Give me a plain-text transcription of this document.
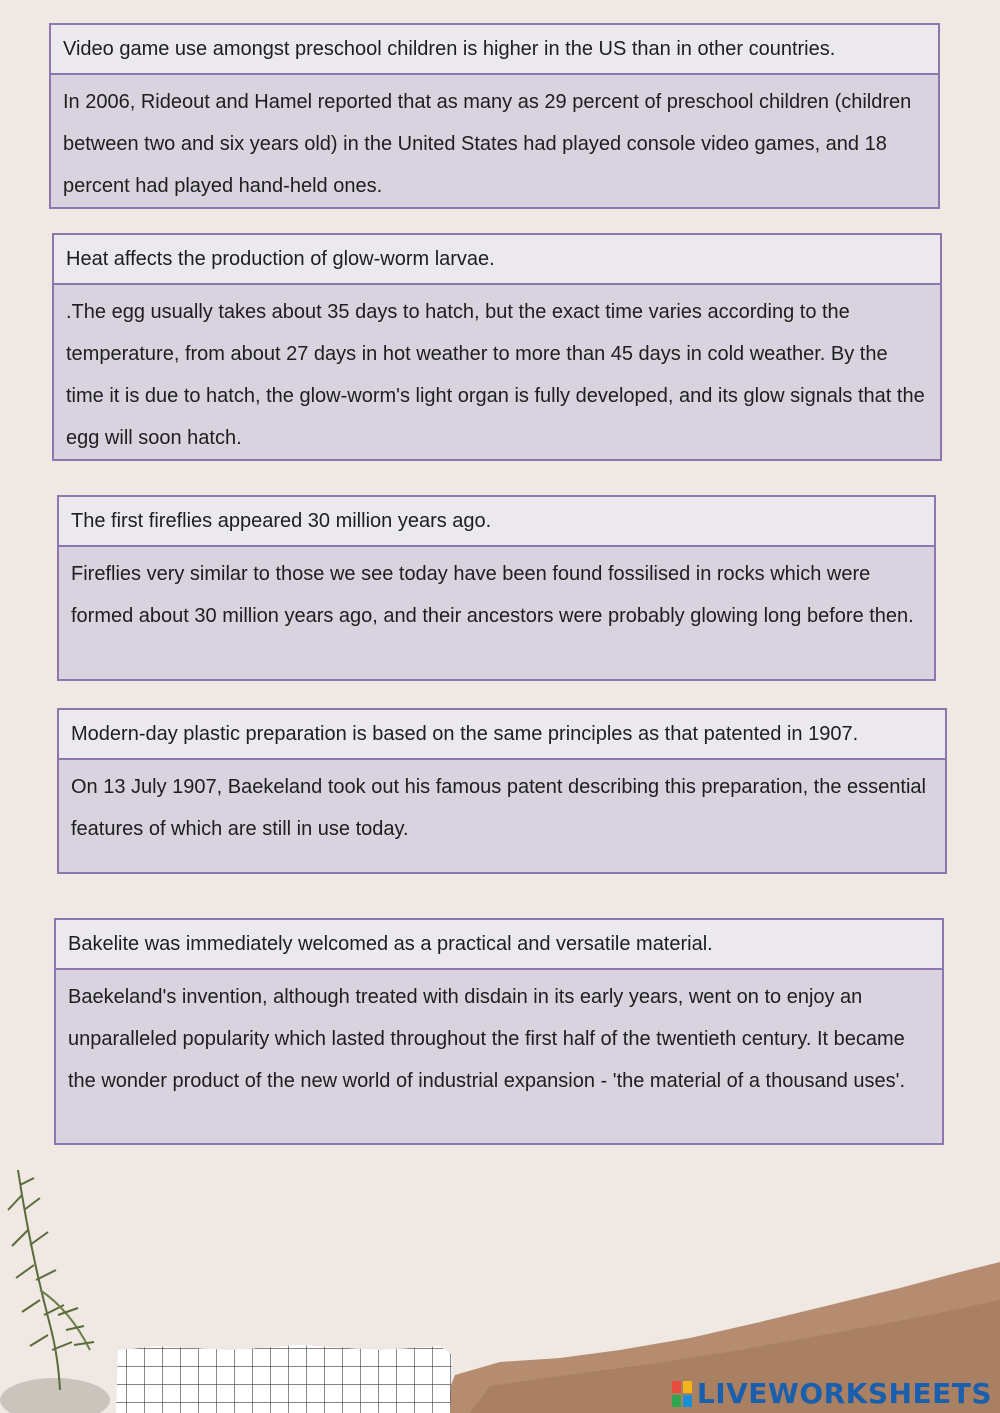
Video game use amongst preschool children is higher in the US than in other countries.
In 2006, Rideout and Hamel reported that as many as 29 percent of preschool children (children between two and six years old) in the United States had played console video games, and 18 percent had played hand-held ones.
Heat affects the production of glow-worm larvae.
.The egg usually takes about 35 days to hatch, but the exact time varies according to the temperature, from about 27 days in hot weather to more than 45 days in cold weather. By the time it is due to hatch, the glow-worm's light organ is fully developed, and its glow signals that the egg will soon hatch.
The first fireflies appeared 30 million years ago.
Fireflies very similar to those we see today have been found fossilised in rocks which were formed about 30 million years ago, and their ancestors were probably glowing long before then.
Modern-day plastic preparation is based on the same principles as that patented in 1907.
On 13 July 1907, Baekeland took out his famous patent describing this preparation, the essential features of which are still in use today.
Bakelite was immediately welcomed as a practical and versatile material.
Baekeland's invention, although treated with disdain in its early years, went on to enjoy an unparalleled popularity which lasted throughout the first half of the twentieth century. It became the wonder product of the new world of industrial expansion - 'the material of a thousand uses'.
LIVEWORKSHEETS
